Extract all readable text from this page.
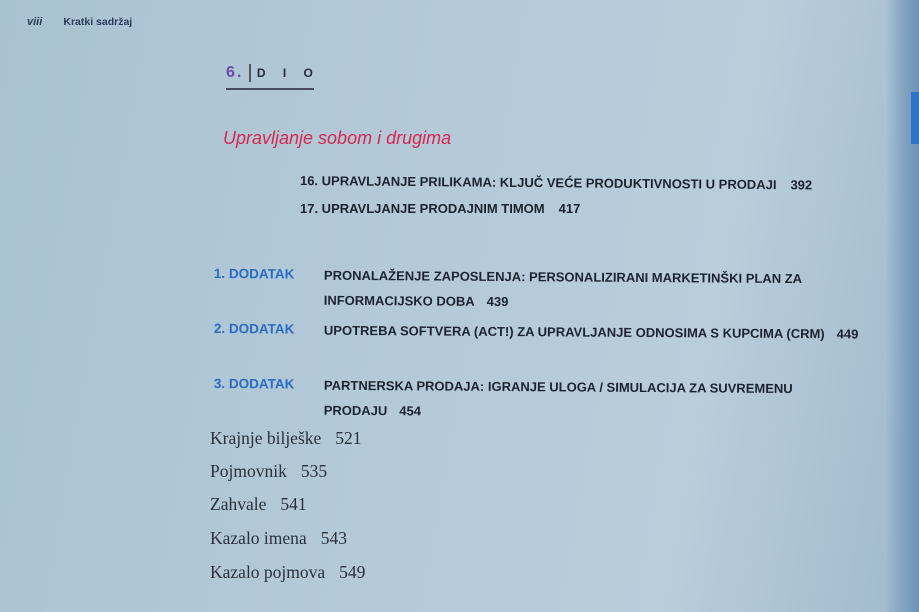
viii Kratki sadržaj
6. D I O
Upravljanje sobom i drugima
16. UPRAVLJANJE PRILIKAMA: KLJUČ VEĆE PRODUKTIVNOSTI U PRODAJI 392
17. UPRAVLJANJE PRODAJNIM TIMOM 417
1. DODATAK PRONALAŽENJE ZAPOSLENJA: PERSONALIZIRANI MARKETINŠKI PLAN ZA INFORMACIJSKO DOBA 439
2. DODATAK UPOTREBA SOFTVERA (ACT!) ZA UPRAVLJANJE ODNOSIMA S KUPCIMA (CRM) 449
3. DODATAK PARTNERSKA PRODAJA: IGRANJE ULOGA / SIMULACIJA ZA SUVREMENU PRODAJU 454
Krajnje bilješke 521
Pojmovnik 535
Zahvale 541
Kazalo imena 543
Kazalo pojmova 549
